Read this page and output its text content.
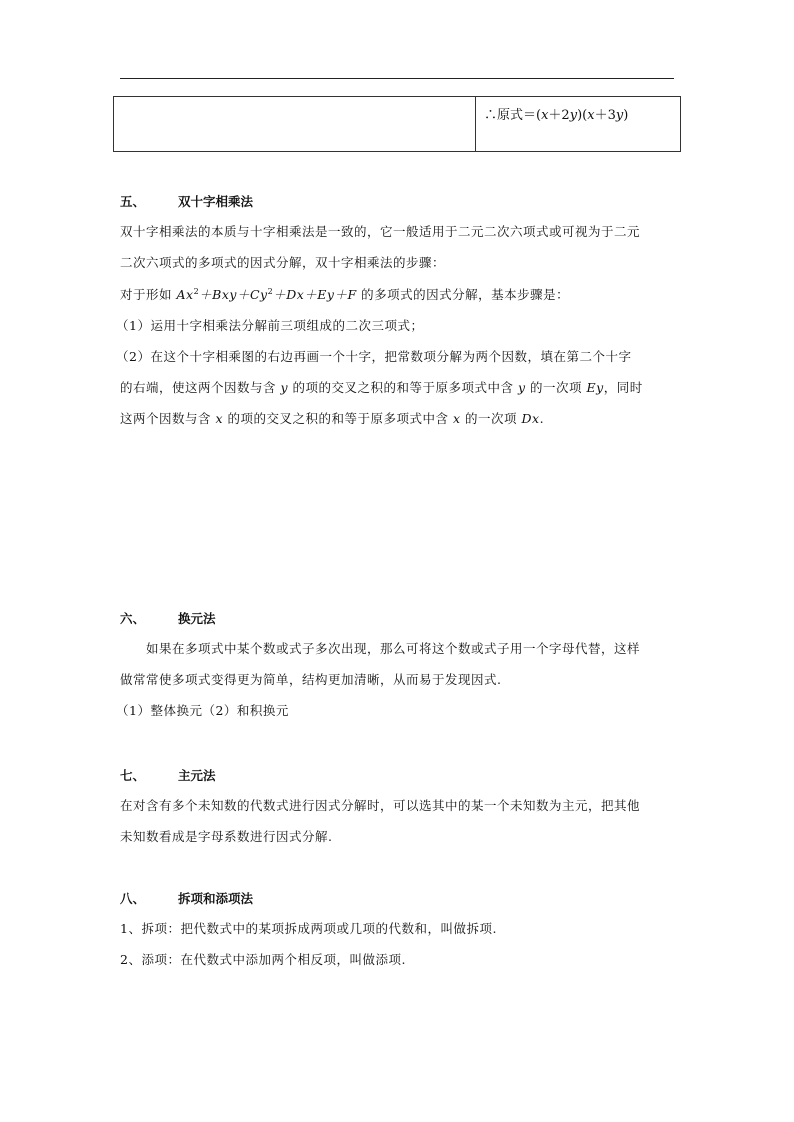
∴原式＝(x＋2y)(x＋3y)
五、	双十字相乘法
双十字相乘法的本质与十字相乘法是一致的，它一般适用于二元二次六项式或可视为于二元
二次六项式的多项式的因式分解，双十字相乘法的步骤：
对于形如 $Ax^2+Bxy+Cy^2+Dx+Ey+F$ 的多项式的因式分解，基本步骤是：
（1）运用十字相乘法分解前三项组成的二次三项式；
（2）在这个十字相乘图的右边再画一个十字，把常数项分解为两个因数，填在第二个十字
的右端，使这两个因数与含 y 的项的交叉之积的和等于原多项式中含 y 的一次项 Ey，同时
这两个因数与含 x 的项的交叉之积的和等于原多项式中含 x 的一次项 Dx.
六、	换元法
如果在多项式中某个数或式子多次出现，那么可将这个数或式子用一个字母代替，这样
做常常使多项式变得更为简单，结构更加清晰，从而易于发现因式.
（1）整体换元（2）和积换元
七、	主元法
在对含有多个未知数的代数式进行因式分解时，可以选其中的某一个未知数为主元，把其他
未知数看成是字母系数进行因式分解.
八、	拆项和添项法
1、拆项：把代数式中的某项拆成两项或几项的代数和，叫做拆项.
2、添项：在代数式中添加两个相反项，叫做添项.
